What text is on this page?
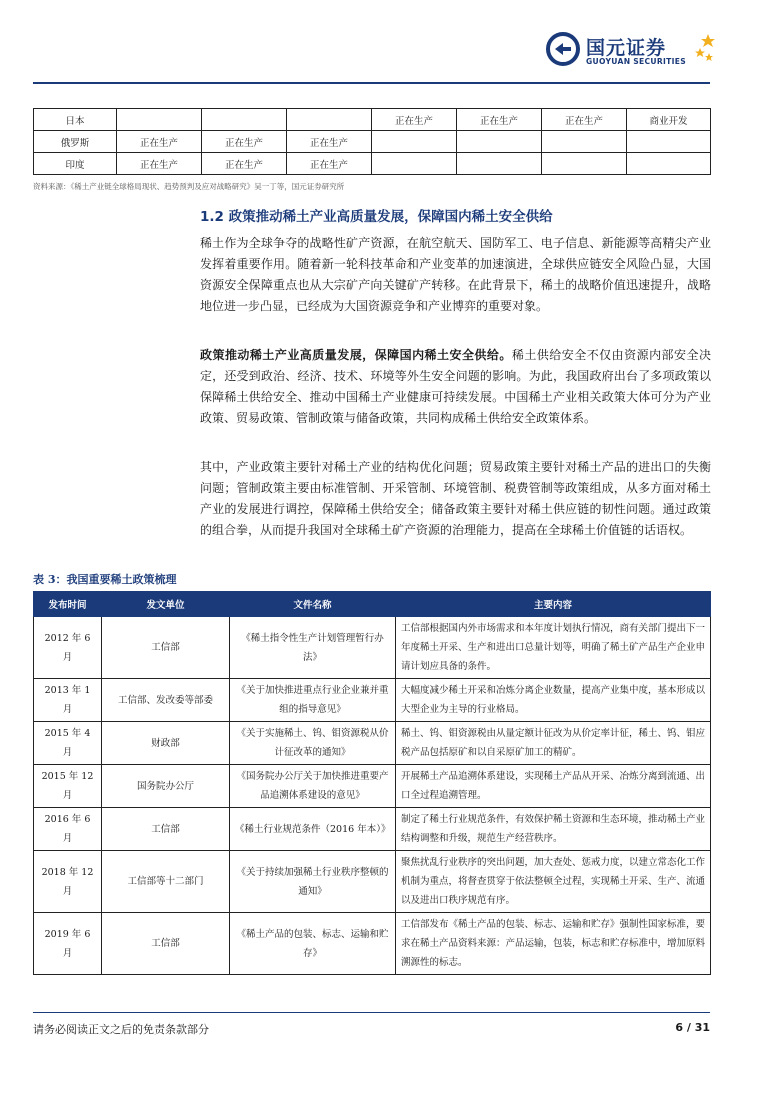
国元证券
GUOYUAN SECURITIES
日本				正在生产	正在生产	正在生产	商业开发
俄罗斯	正在生产	正在生产	正在生产				
印度	正在生产	正在生产	正在生产				
资料来源：《稀土产业链全球格局现状、趋势预判及应对战略研究》吴一丁等，国元证券研究所
1.2 政策推动稀土产业高质量发展，保障国内稀土安全供给
稀土作为全球争夺的战略性矿产资源，在航空航天、国防军工、电子信息、新能源等高精尖产业发挥着重要作用。随着新一轮科技革命和产业变革的加速演进，全球供应链安全风险凸显，大国资源安全保障重点也从大宗矿产向关键矿产转移。在此背景下，稀土的战略价值迅速提升，战略地位进一步凸显，已经成为大国资源竞争和产业博弈的重要对象。
政策推动稀土产业高质量发展，保障国内稀土安全供给。稀土供给安全不仅由资源内部安全决定，还受到政治、经济、技术、环境等外生安全问题的影响。为此，我国政府出台了多项政策以保障稀土供给安全、推动中国稀土产业健康可持续发展。中国稀土产业相关政策大体可分为产业政策、贸易政策、管制政策与储备政策，共同构成稀土供给安全政策体系。
其中，产业政策主要针对稀土产业的结构优化问题；贸易政策主要针对稀土产品的进出口的失衡问题；管制政策主要由标准管制、开采管制、环境管制、税费管制等政策组成，从多方面对稀土产业的发展进行调控，保障稀土供给安全；储备政策主要针对稀土供应链的韧性问题。通过政策的组合拳，从而提升我国对全球稀土矿产资源的治理能力，提高在全球稀土价值链的话语权。
表 3：我国重要稀土政策梳理
发布时间	发文单位	文件名称	主要内容
2012 年 6 月	工信部	《稀土指令性生产计划管理暂行办法》	工信部根据国内外市场需求和本年度计划执行情况，商有关部门提出下一年度稀土开采、生产和进出口总量计划等，明确了稀土矿产品生产企业申请计划应具备的条件。
2013 年 1 月	工信部、发改委等部委	《关于加快推进重点行业企业兼并重组的指导意见》	大幅度减少稀土开采和冶炼分离企业数量，提高产业集中度，基本形成以大型企业为主导的行业格局。
2015 年 4 月	财政部	《关于实施稀土、钨、钼资源税从价计征改革的通知》	稀土、钨、钼资源税由从量定额计征改为从价定率计征，稀土、钨、钼应税产品包括原矿和以自采原矿加工的精矿。
2015 年 12 月	国务院办公厅	《国务院办公厅关于加快推进重要产品追溯体系建设的意见》	开展稀土产品追溯体系建设，实现稀土产品从开采、冶炼分离到流通、出口全过程追溯管理。
2016 年 6 月	工信部	《稀土行业规范条件（2016 年本）》	制定了稀土行业规范条件，有效保护稀土资源和生态环境，推动稀土产业结构调整和升级，规范生产经营秩序。
2018 年 12 月	工信部等十二部门	《关于持续加强稀土行业秩序整顿的通知》	聚焦扰乱行业秩序的突出问题，加大查处、惩戒力度，以建立常态化工作机制为重点，将督查贯穿于依法整顿全过程，实现稀土开采、生产、流通以及进出口秩序规范有序。
2019 年 6 月	工信部	《稀土产品的包装、标志、运输和贮存》	工信部发布《稀土产品的包装、标志、运输和贮存》强制性国家标准，要求在稀土产品资料来源：产品运输，包装，标志和贮存标准中，增加原料溯源性的标志。
请务必阅读正文之后的免责条款部分	6 / 31
